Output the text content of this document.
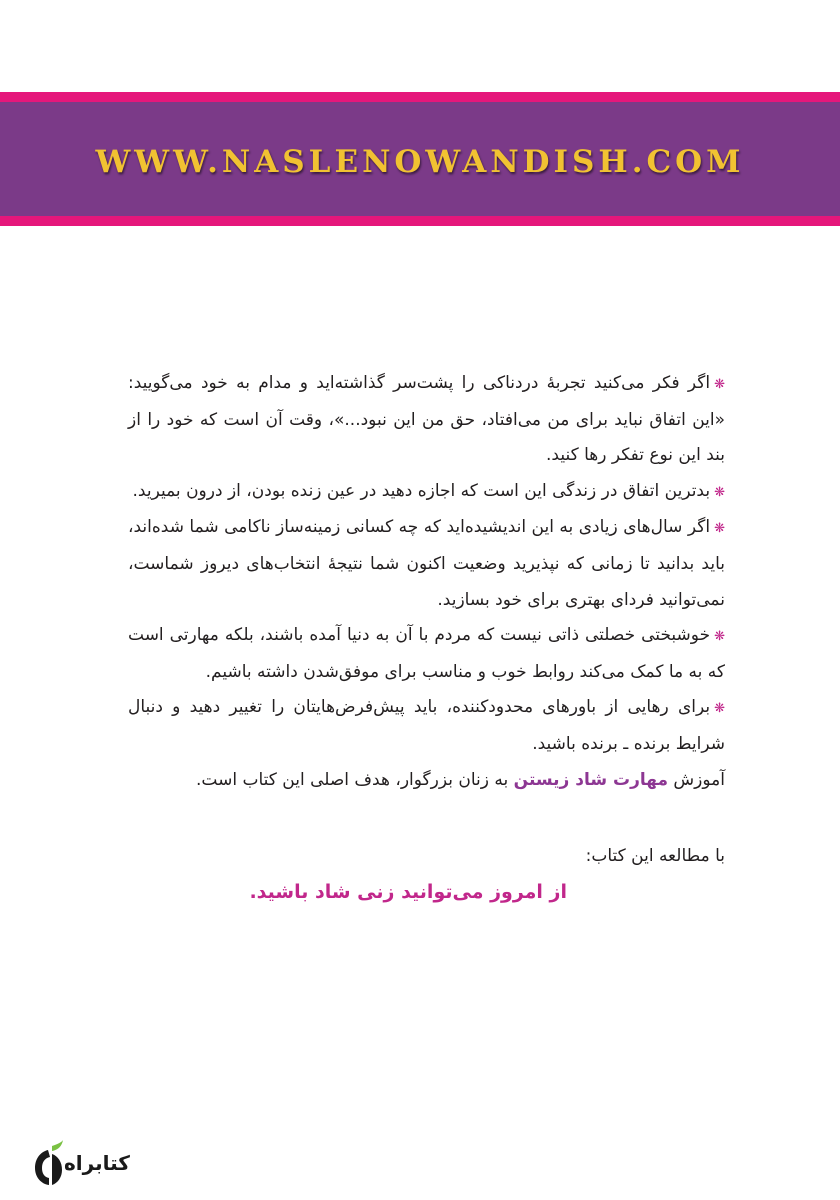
WWW.NASLENOWANDISH.COM

❋اگر فکر می‌کنید تجربهٔ دردناکی را پشت‌سر گذاشته‌اید و مدام به خود می‌گویید: «این اتفاق نباید برای من می‌افتاد، حق من این نبود...»، وقت آن است که خود را از بند این نوع تفکر رها کنید.

❋بدترین اتفاق در زندگی این است که اجازه دهید در عین زنده بودن، از درون بمیرید.

❋اگر سال‌های زیادی به این اندیشیده‌اید که چه کسانی زمینه‌ساز ناکامی شما شده‌اند، باید بدانید تا زمانی که نپذیرید وضعیت اکنون شما نتیجهٔ انتخاب‌های دیروز شماست، نمی‌توانید فردای بهتری برای خود بسازید.

❋خوشبختی خصلتی ذاتی نیست که مردم با آن به دنیا آمده باشند، بلکه مهارتی است که به ما کمک می‌کند روابط خوب و مناسب برای موفق‌شدن داشته باشیم.

❋برای رهایی از باورهای محدودکننده، باید پیش‌فرض‌هایتان را تغییر دهید و دنبال شرایط برنده ـ برنده باشید.

آموزش مهارت شاد زیستن به زنان بزرگوار، هدف اصلی این کتاب است.

با مطالعه این کتاب:
از امروز می‌توانید زنی شاد باشید.
کتابراه
